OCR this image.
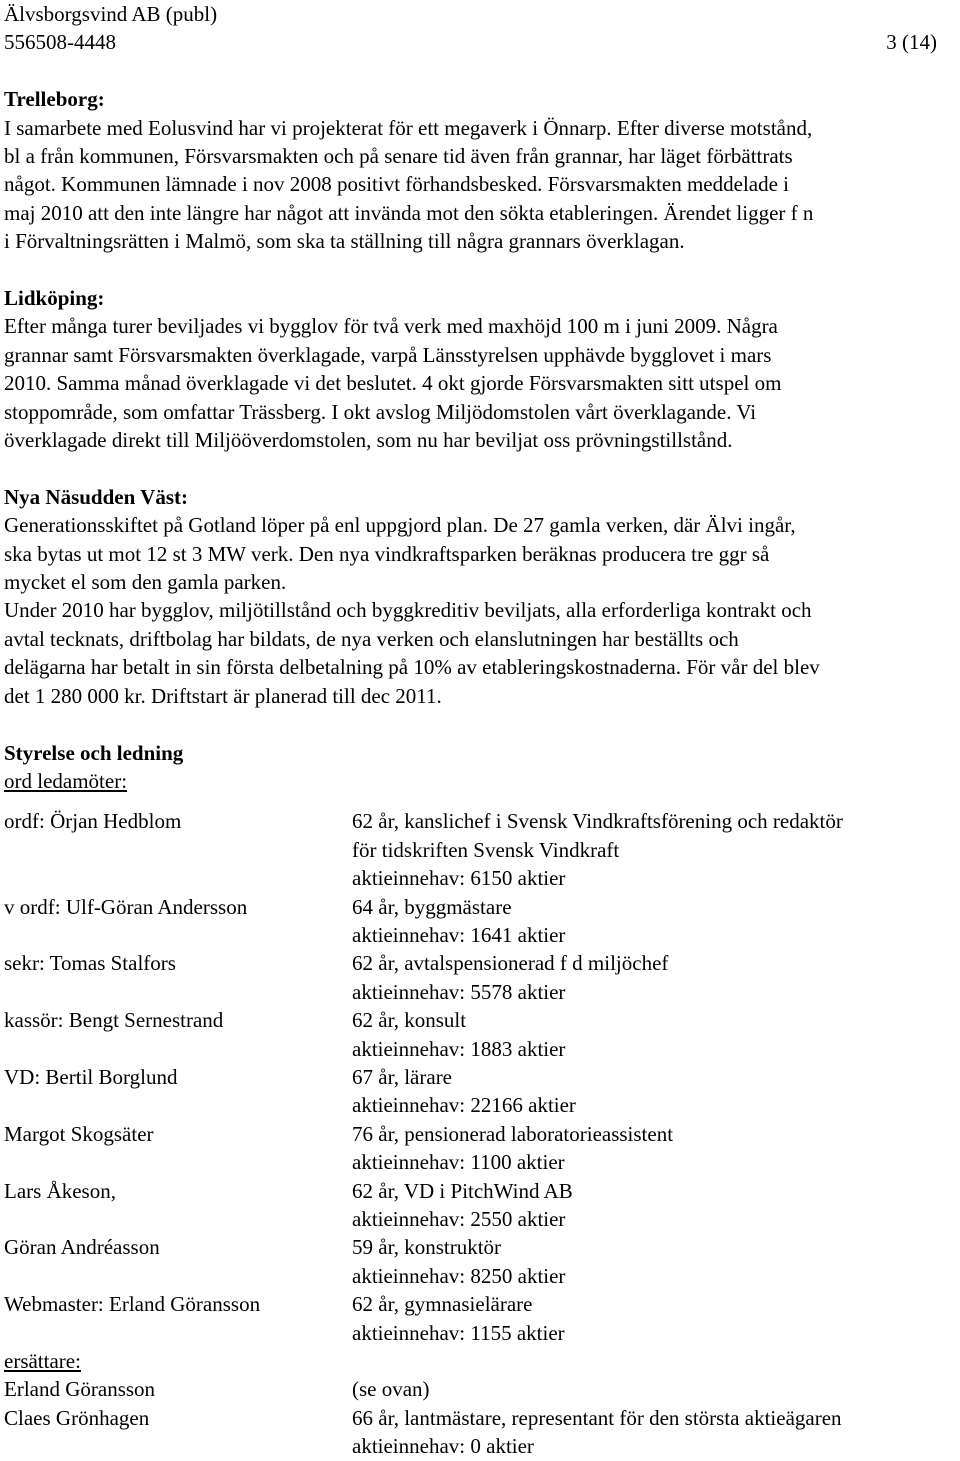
Älvsborgsvind AB (publ)
556508-4448	3 (14)
Trelleborg:
I samarbete med Eolusvind har vi projekterat för ett megaverk i Önnarp. Efter diverse motstånd,
bl a från kommunen, Försvarsmakten och på senare tid även från grannar, har läget förbättrats
något. Kommunen lämnade i nov 2008 positivt förhandsbesked. Försvarsmakten meddelade i
maj 2010 att den inte längre har något att invända mot den sökta etableringen. Ärendet ligger f n
i Förvaltningsrätten i Malmö, som ska ta ställning till några grannars överklagan.
Lidköping:
Efter många turer beviljades vi bygglov för två verk med maxhöjd 100 m i juni 2009. Några
grannar samt Försvarsmakten överklagade, varpå Länsstyrelsen upphävde bygglovet i mars
2010. Samma månad överklagade vi det beslutet. 4 okt gjorde Försvarsmakten sitt utspel om
stoppområde, som omfattar Trässberg. I okt avslog Miljödomstolen vårt överklagande. Vi
överklagade direkt till Miljööverdomstolen, som nu har beviljat oss prövningstillstånd.
Nya Näsudden Väst:
Generationsskiftet på Gotland löper på enl uppgjord plan. De 27 gamla verken, där Älvi ingår,
ska bytas ut mot 12 st 3 MW verk. Den nya vindkraftsparken beräknas producera tre ggr så
mycket el som den gamla parken.
Under 2010 har bygglov, miljötillstånd och byggkreditiv beviljats, alla erforderliga kontrakt och
avtal tecknats, driftbolag har bildats, de nya verken och elanslutningen har beställts och
delägarna har betalt in sin första delbetalning på 10% av etableringskostnaderna. För vår del blev
det 1 280 000 kr. Driftstart är planerad till dec 2011.
Styrelse och ledning
ord ledamöter:
ordf: Örjan Hedblom	62 år, kanslichef i Svensk Vindkraftsförening och redaktör
för tidskriften Svensk Vindkraft
aktieinnehav: 6150 aktier
v ordf: Ulf-Göran Andersson	64 år, byggmästare
aktieinnehav: 1641 aktier
sekr: Tomas Stalfors	62 år, avtalspensionerad f d miljöchef
aktieinnehav: 5578 aktier
kassör: Bengt Sernestrand	62 år, konsult
aktieinnehav: 1883 aktier
VD: Bertil Borglund	67 år, lärare
aktieinnehav: 22166 aktier
Margot Skogsäter	76 år, pensionerad laboratorieassistent
aktieinnehav: 1100 aktier
Lars Åkeson,	62 år, VD i PitchWind AB
aktieinnehav: 2550 aktier
Göran Andréasson	59 år, konstruktör
aktieinnehav: 8250 aktier
Webmaster: Erland Göransson	62 år, gymnasielärare
aktieinnehav: 1155 aktier
ersättare:
Erland Göransson	(se ovan)
Claes Grönhagen	66 år, lantmästare, representant för den största aktieägaren
aktieinnehav: 0 aktier
